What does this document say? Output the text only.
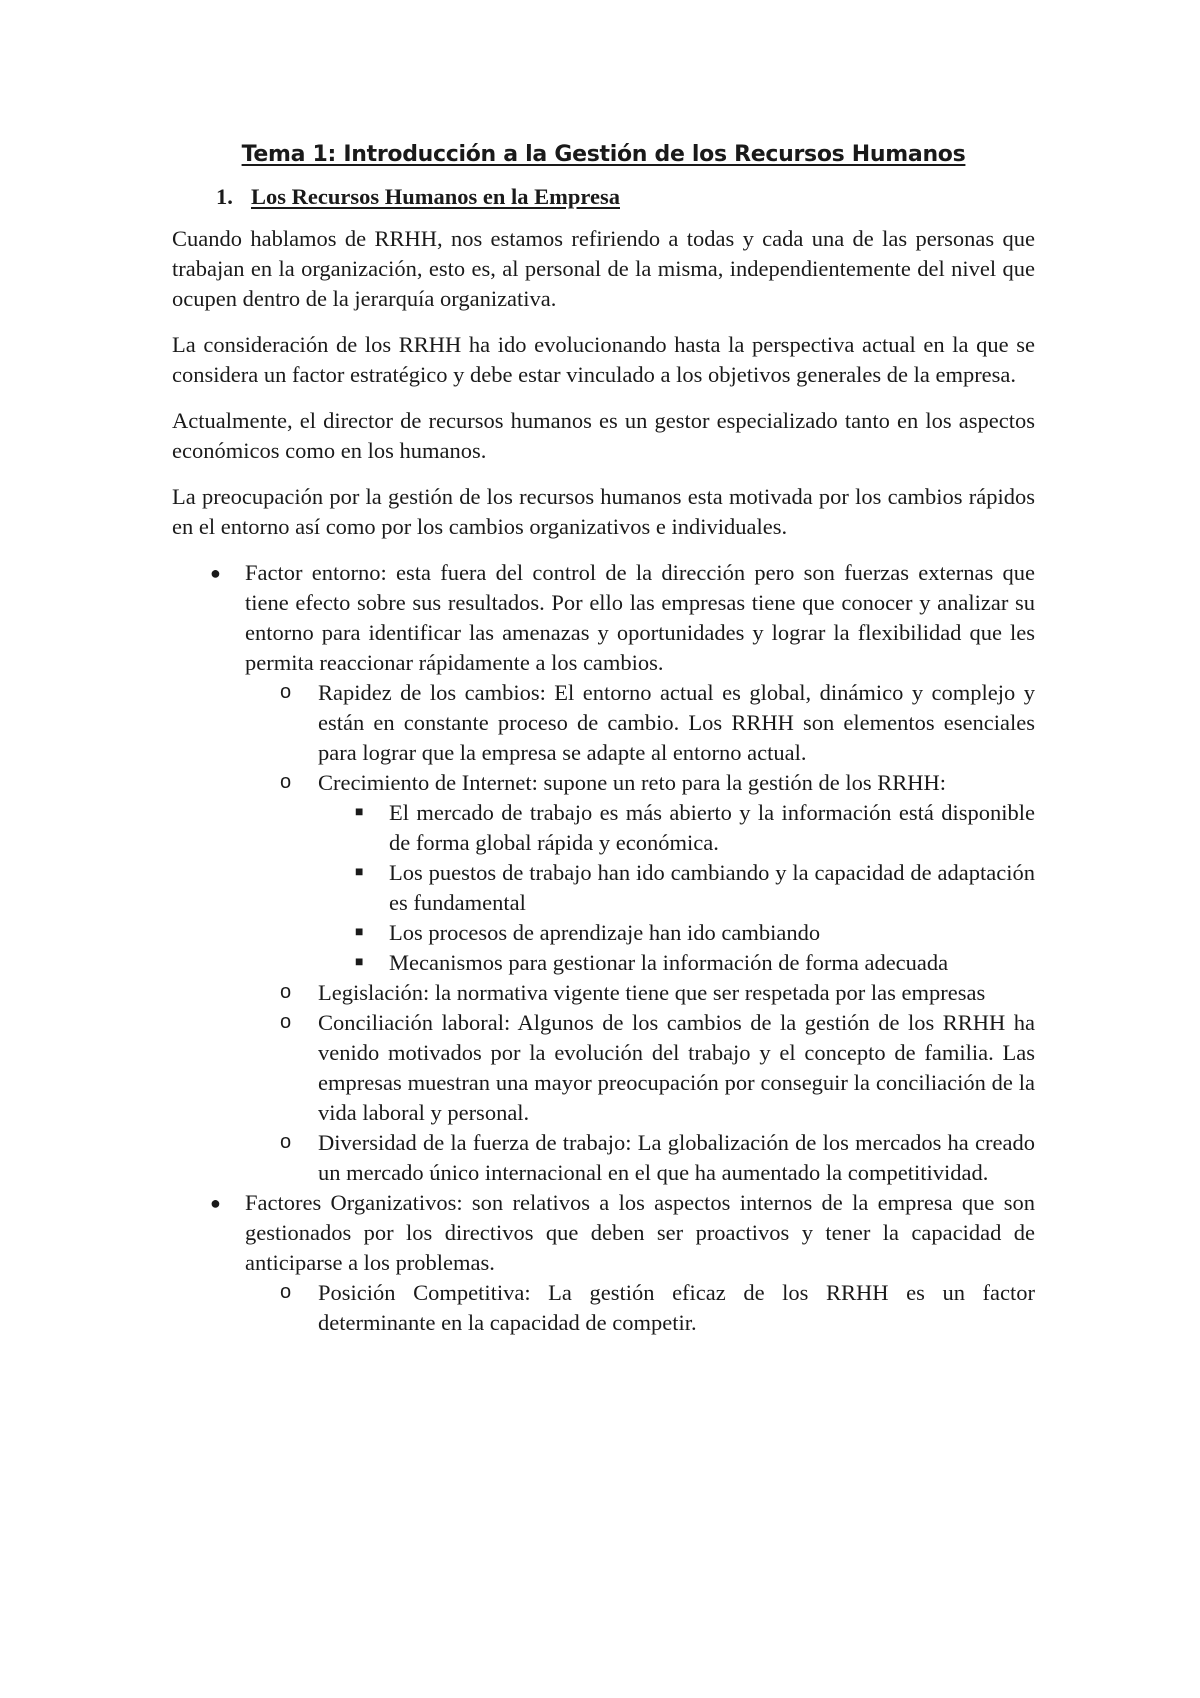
Tema 1: Introducción a la Gestión de los Recursos Humanos
1. Los Recursos Humanos en la Empresa

Cuando hablamos de RRHH, nos estamos refiriendo a todas y cada una de las personas que trabajan en la organización, esto es, al personal de la misma, independientemente del nivel que ocupen dentro de la jerarquía organizativa.

La consideración de los RRHH ha ido evolucionando hasta la perspectiva actual en la que se considera un factor estratégico y debe estar vinculado a los objetivos generales de la empresa.

Actualmente, el director de recursos humanos es un gestor especializado tanto en los aspectos económicos como en los humanos.

La preocupación por la gestión de los recursos humanos esta motivada por los cambios rápidos en el entorno así como por los cambios organizativos e individuales.

● Factor entorno: esta fuera del control de la dirección pero son fuerzas externas que tiene efecto sobre sus resultados. Por ello las empresas tiene que conocer y analizar su entorno para identificar las amenazas y oportunidades y lograr la flexibilidad que les permita reaccionar rápidamente a los cambios.
o Rapidez de los cambios: El entorno actual es global, dinámico y complejo y están en constante proceso de cambio. Los RRHH son elementos esenciales para lograr que la empresa se adapte al entorno actual.
o Crecimiento de Internet: supone un reto para la gestión de los RRHH:
■ El mercado de trabajo es más abierto y la información está disponible de forma global rápida y económica.
■ Los puestos de trabajo han ido cambiando y la capacidad de adaptación es fundamental
■ Los procesos de aprendizaje han ido cambiando
■ Mecanismos para gestionar la información de forma adecuada
o Legislación: la normativa vigente tiene que ser respetada por las empresas
o Conciliación laboral: Algunos de los cambios de la gestión de los RRHH ha venido motivados por la evolución del trabajo y el concepto de familia. Las empresas muestran una mayor preocupación por conseguir la conciliación de la vida laboral y personal.
o Diversidad de la fuerza de trabajo: La globalización de los mercados ha creado un mercado único internacional en el que ha aumentado la competitividad.
● Factores Organizativos: son relativos a los aspectos internos de la empresa que son gestionados por los directivos que deben ser proactivos y tener la capacidad de anticiparse a los problemas.
o Posición Competitiva: La gestión eficaz de los RRHH es un factor determinante en la capacidad de competir.
